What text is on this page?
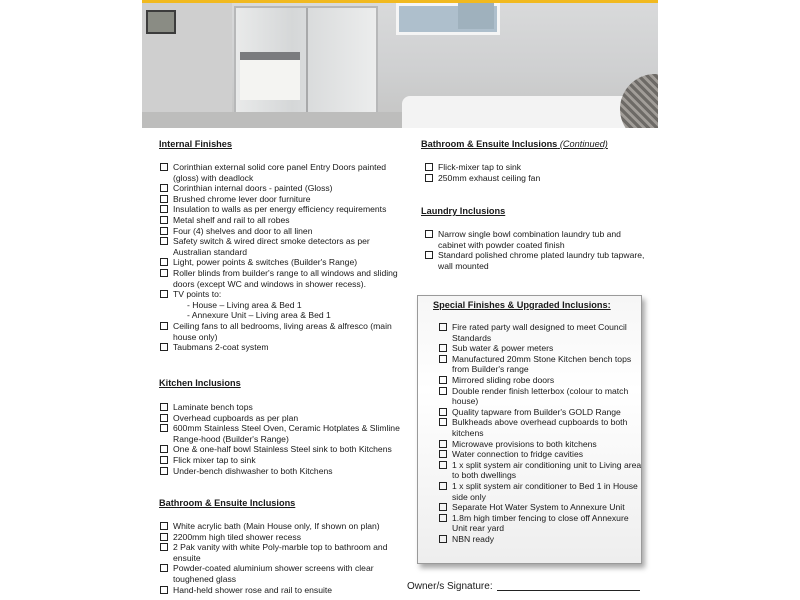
Internal Finishes
Corinthian external solid core panel Entry Doors painted
(gloss) with deadlock
Corinthian internal doors - painted (Gloss)
Brushed chrome lever door furniture
Insulation to walls as per energy efficiency requirements
Metal shelf and rail to all robes
Four (4) shelves and door to all linen
Safety switch & wired direct smoke detectors as per
Australian standard
Light, power points & switches (Builder's Range)
Roller blinds from builder's range to all windows and sliding
doors (except WC and windows in shower recess).
TV points to:
- House – Living area & Bed 1
- Annexure Unit – Living area & Bed 1
Ceiling fans to all bedrooms, living areas & alfresco (main
house only)
Taubmans 2-coat system
Kitchen Inclusions
Laminate bench tops
Overhead cupboards as per plan
600mm Stainless Steel Oven, Ceramic Hotplates & Slimline
Range-hood (Builder's Range)
One & one-half bowl Stainless Steel sink to both Kitchens
Flick mixer tap to sink
Under-bench dishwasher to both Kitchens
Bathroom & Ensuite Inclusions
White acrylic bath (Main House only, If shown on plan)
2200mm high tiled shower recess
2 Pak vanity with white Poly-marble top to bathroom and
ensuite
Powder-coated aluminium shower screens with clear
toughened glass
Hand-held shower rose and rail to ensuite
Bathroom & Ensuite Inclusions (Continued)
Flick-mixer tap to sink
250mm exhaust ceiling fan
Laundry Inclusions
Narrow single bowl combination laundry tub and
cabinet with powder coated finish
Standard polished chrome plated laundry tub tapware,
wall mounted
Special Finishes & Upgraded Inclusions:
Fire rated party wall designed to meet Council
Standards
Sub water & power meters
Manufactured 20mm Stone Kitchen bench tops
from Builder's range
Mirrored sliding robe doors
Double render finish letterbox (colour to match
house)
Quality tapware from Builder's GOLD Range
Bulkheads above overhead cupboards to both
kitchens
Microwave provisions to both kitchens
Water connection to fridge cavities
1 x split system air conditioning unit to Living area
to both dwellings
1 x split system air conditioner to Bed 1 in House
side only
Separate Hot Water System to Annexure Unit
1.8m high timber fencing to close off Annexure
Unit rear yard
NBN ready
Owner/s Signature:
